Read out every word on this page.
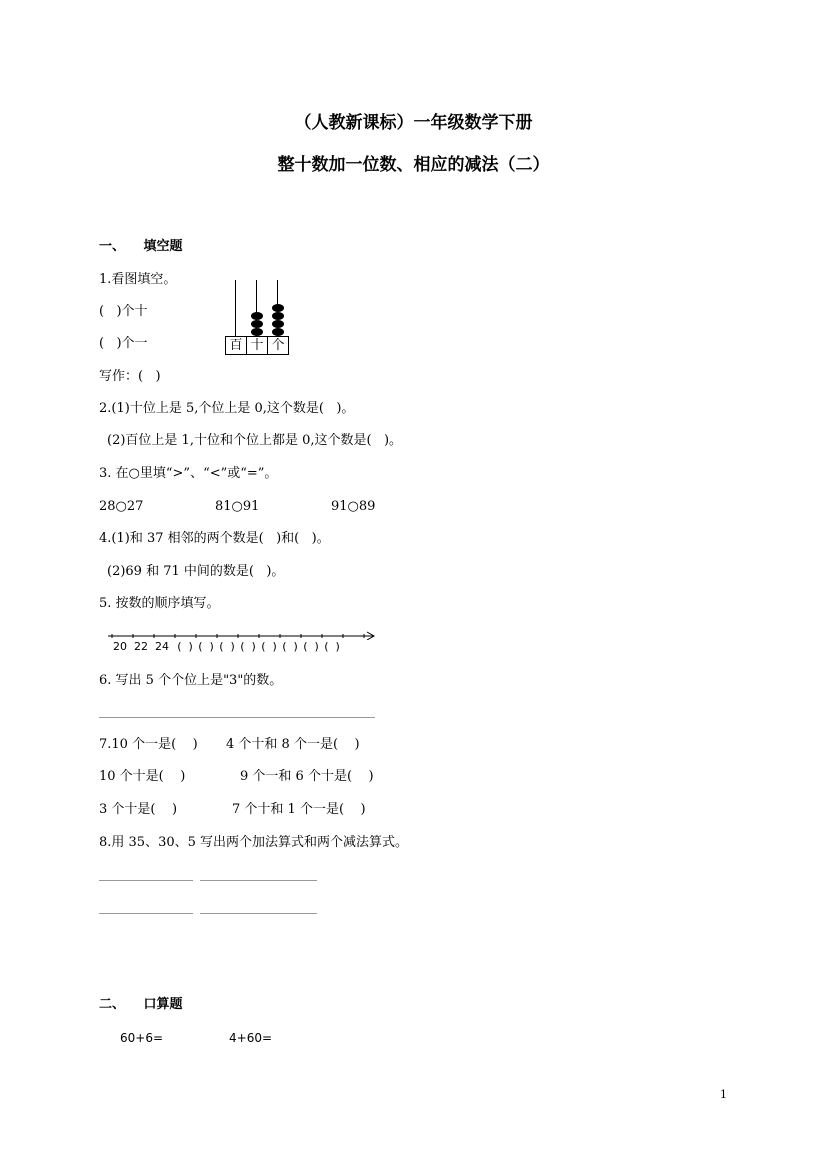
（人教新课标）一年级数学下册
整十数加一位数、相应的减法（二）
一、 填空题
1.看图填空。
(   )个十
(   )个一
写作：(   )
百 十 个
2.(1)十位上是 5,个位上是 0,这个数是(   )。
(2)百位上是 1,十位和个位上都是 0,这个数是(   )。
3. 在○里填“>”、“<”或“=”。
28○27	81○91	91○89
4.(1)和 37 相邻的两个数是(   )和(   )。
(2)69 和 71 中间的数是(   )。
5. 按数的顺序填写。
20 22 24 (  ) (  ) (  ) (  ) (  ) (  ) (  ) (  )
6. 写出 5 个个位上是"3"的数。
7.10 个一是(    ) 4 个十和 8 个一是(    )
10 个十是(    )	9 个一和 6 个十是(    )
3 个十是(    )	7 个十和 1 个一是(    )
8.用 35、30、5 写出两个加法算式和两个减法算式。
二、 口算题
60+6=	4+60=
1
